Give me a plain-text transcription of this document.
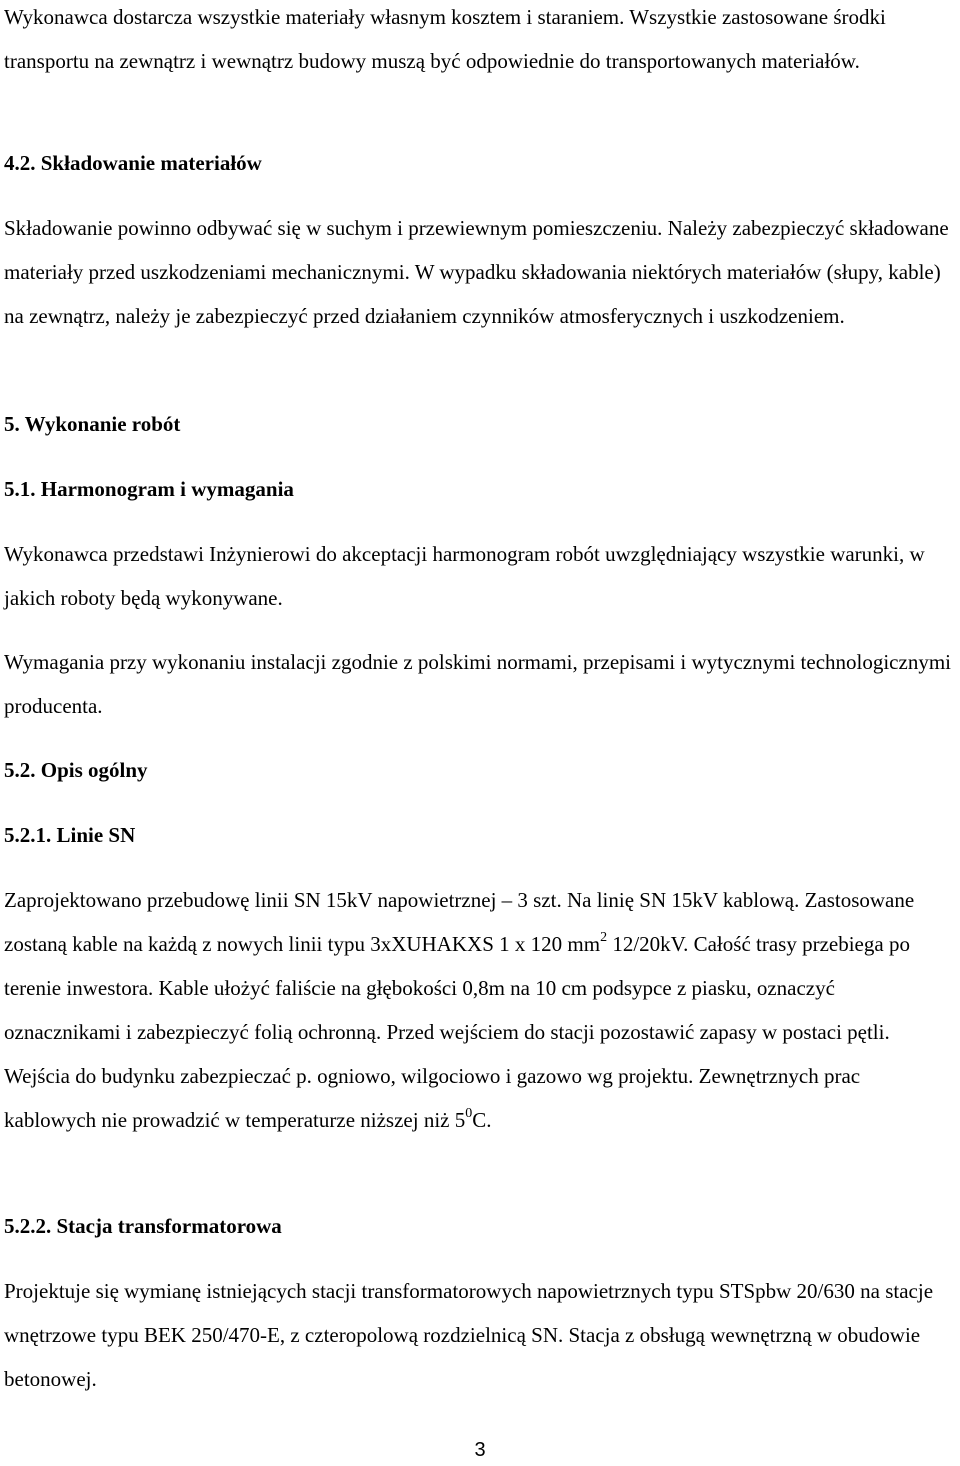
Wykonawca dostarcza wszystkie materiały własnym kosztem i staraniem. Wszystkie zastosowane środki transportu na zewnątrz i wewnątrz budowy muszą być odpowiednie do transportowanych materiałów.

4.2. Składowanie materiałów

Składowanie powinno odbywać się w suchym i przewiewnym pomieszczeniu. Należy zabezpieczyć składowane materiały przed uszkodzeniami mechanicznymi. W wypadku składowania niektórych materiałów (słupy, kable) na zewnątrz, należy je zabezpieczyć przed działaniem czynników atmosferycznych i uszkodzeniem.

5. Wykonanie robót
5.1. Harmonogram i wymagania

Wykonawca przedstawi Inżynierowi do akceptacji harmonogram robót uwzględniający wszystkie warunki, w jakich roboty będą wykonywane.

Wymagania przy wykonaniu instalacji zgodnie z polskimi normami, przepisami i wytycznymi technologicznymi producenta.

5.2. Opis ogólny
5.2.1. Linie SN

Zaprojektowano przebudowę linii SN 15kV napowietrznej – 3 szt. Na linię SN 15kV kablową. Zastosowane zostaną kable na każdą z nowych linii typu 3xXUHAKXS 1 x 120 $mm^2$ 12/20kV. Całość trasy przebiega po terenie inwestora. Kable ułożyć faliście na głębokości 0,8m na 10 cm podsypce z piasku, oznaczyć oznacznikami i zabezpieczyć folią ochronną. Przed wejściem do stacji pozostawić zapasy w postaci pętli. Wejścia do budynku zabezpieczać p. ogniowo, wilgociowo i gazowo wg projektu. Zewnętrznych prac kablowych nie prowadzić w temperaturze niższej niż $5^0C$.

5.2.2. Stacja transformatorowa

Projektuje się wymianę istniejących stacji transformatorowych napowietrznych typu STSpbw 20/630 na stacje wnętrzowe typu BEK 250/470-E, z czteropolową rozdzielnicą SN. Stacja z obsługą wewnętrzną w obudowie betonowej.

3
